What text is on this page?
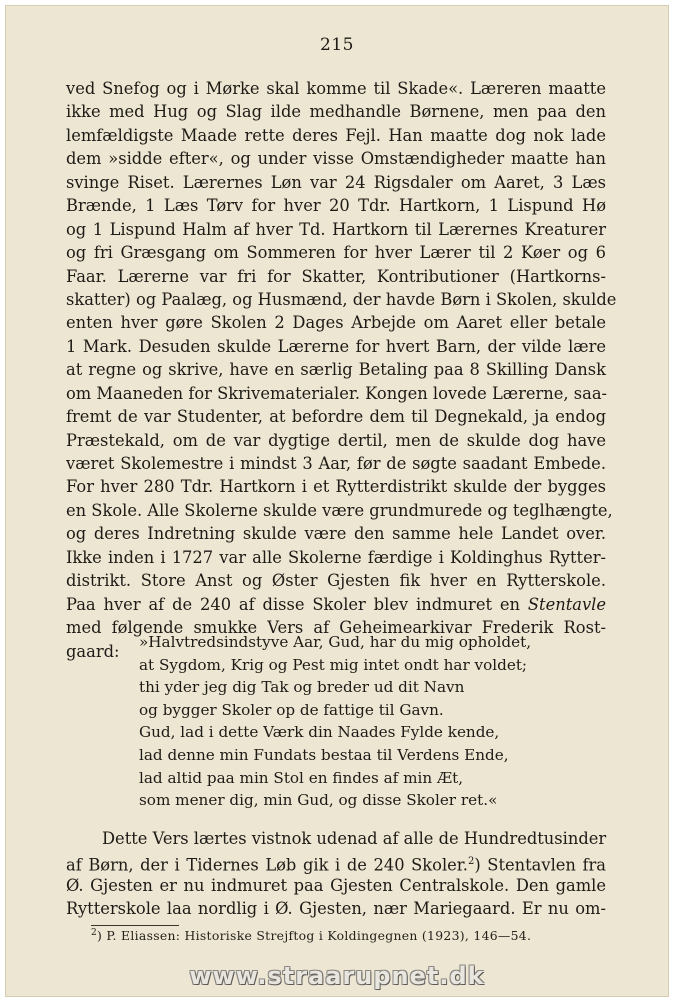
215
ved Snefog og i Mørke skal komme til Skade«. Læreren maatte
ikke med Hug og Slag ilde medhandle Børnene, men paa den
lemfældigste Maade rette deres Fejl. Han maatte dog nok lade
dem »sidde efter«, og under visse Omstændigheder maatte han
svinge Riset. Lærernes Løn var 24 Rigsdaler om Aaret, 3 Læs
Brænde, 1 Læs Tørv for hver 20 Tdr. Hartkorn, 1 Lispund Hø
og 1 Lispund Halm af hver Td. Hartkorn til Lærernes Kreaturer
og fri Græsgang om Sommeren for hver Lærer til 2 Køer og 6
Faar. Lærerne var fri for Skatter, Kontributioner (Hartkorns-
skatter) og Paalæg, og Husmænd, der havde Børn i Skolen, skulde
enten hver gøre Skolen 2 Dages Arbejde om Aaret eller betale
1 Mark. Desuden skulde Lærerne for hvert Barn, der vilde lære
at regne og skrive, have en særlig Betaling paa 8 Skilling Dansk
om Maaneden for Skrivematerialer. Kongen lovede Lærerne, saa-
fremt de var Studenter, at befordre dem til Degnekald, ja endog
Præstekald, om de var dygtige dertil, men de skulde dog have
været Skolemestre i mindst 3 Aar, før de søgte saadant Embede.
For hver 280 Tdr. Hartkorn i et Rytterdistrikt skulde der bygges
en Skole. Alle Skolerne skulde være grundmurede og teglhængte,
og deres Indretning skulde være den samme hele Landet over.
Ikke inden i 1727 var alle Skolerne færdige i Koldinghus Rytter-
distrikt. Store Anst og Øster Gjesten fik hver en Rytterskole.
Paa hver af de 240 af disse Skoler blev indmuret en Stentavle
med følgende smukke Vers af Geheimearkivar Frederik Rost-
gaard:	»Halvtredsindstyve Aar, Gud, har du mig opholdet,
at Sygdom, Krig og Pest mig intet ondt har voldet;
thi yder jeg dig Tak og breder ud dit Navn
og bygger Skoler op de fattige til Gavn.
Gud, lad i dette Værk din Naades Fylde kende,
lad denne min Fundats bestaa til Verdens Ende,
lad altid paa min Stol en findes af min Æt,
som mener dig, min Gud, og disse Skoler ret.«
Dette Vers lærtes vistnok udenad af alle de Hundredtusinder
af Børn, der i Tidernes Løb gik i de 240 Skoler.$^2$) Stentavlen fra
Ø. Gjesten er nu indmuret paa Gjesten Centralskole. Den gamle
Rytterskole laa nordlig i Ø. Gjesten, nær Mariegaard. Er nu om-
$^2$) P. Eliassen: Historiske Strejftog i Koldingegnen (1923), 146—54.
www.straarupnet.dk
